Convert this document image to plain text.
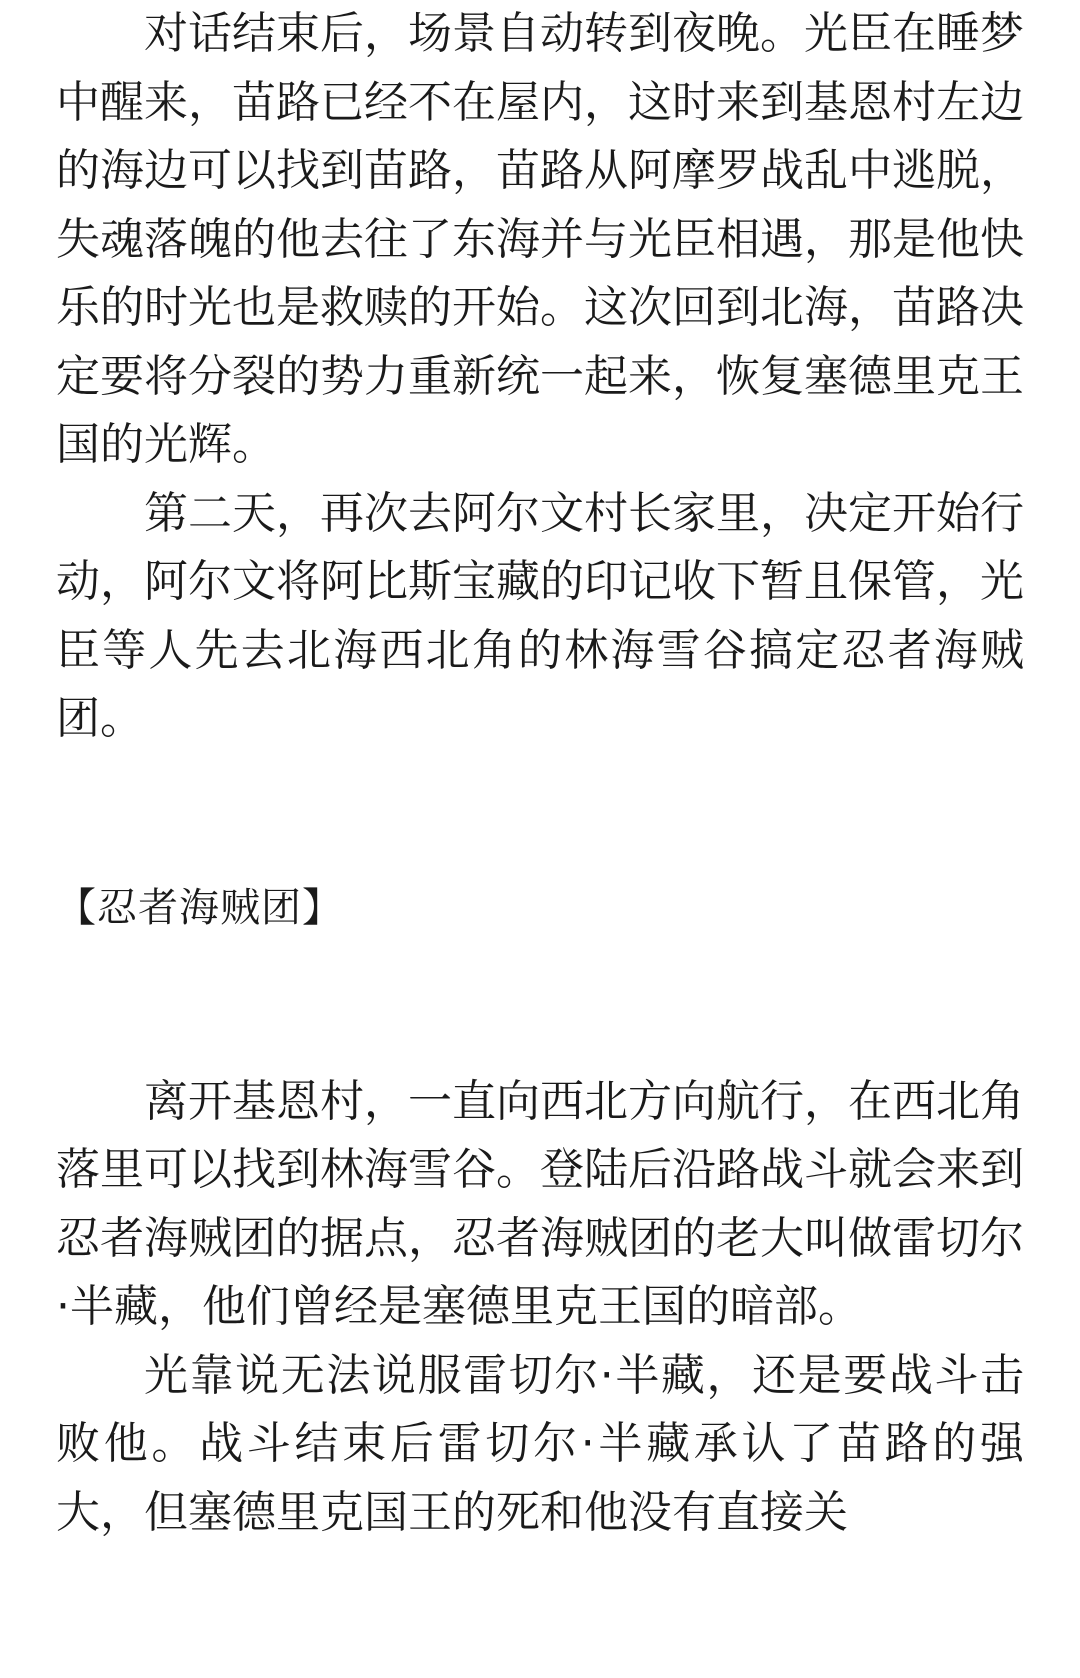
对话结束后，场景自动转到夜晚。光臣在睡梦中醒来，苗路已经不在屋内，这时来到基恩村左边的海边可以找到苗路，苗路从阿摩罗战乱中逃脱，失魂落魄的他去往了东海并与光臣相遇，那是他快乐的时光也是救赎的开始。这次回到北海，苗路决定要将分裂的势力重新统一起来，恢复塞德里克王国的光辉。

第二天，再次去阿尔文村长家里，决定开始行动，阿尔文将阿比斯宝藏的印记收下暂且保管，光臣等人先去北海西北角的林海雪谷搞定忍者海贼团。

【忍者海贼团】

离开基恩村，一直向西北方向航行，在西北角落里可以找到林海雪谷。登陆后沿路战斗就会来到忍者海贼团的据点，忍者海贼团的老大叫做雷切尔·半藏，他们曾经是塞德里克王国的暗部。

光靠说无法说服雷切尔·半藏，还是要战斗击败他。战斗结束后雷切尔·半藏承认了苗路的强大，但塞德里克国王的死和他没有直接关
